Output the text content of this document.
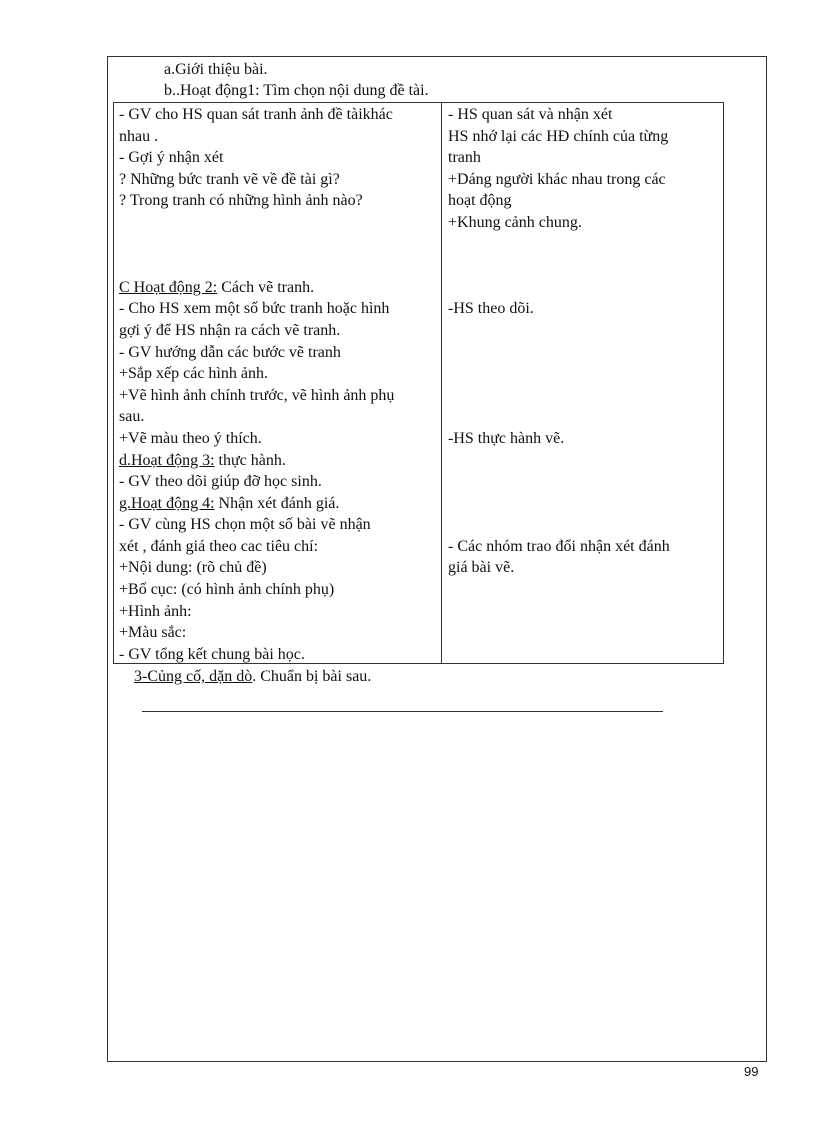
a.Giới thiệu bài.
b..Hoạt động1: Tìm chọn nội dung đề tài.
- GV cho HS quan sát tranh ảnh đề tàikhác
nhau .
- Gợi ý nhận xét
? Những bức tranh vẽ về đề tài gì?
? Trong tranh có những hình ảnh nào?
C Hoạt động 2: Cách vẽ tranh.
- Cho HS xem một số bức tranh hoặc hình
gợi ý để HS nhận ra cách vẽ tranh.
- GV hướng dẫn các bước vẽ tranh
+Sắp xếp các hình ảnh.
+Vẽ hình ảnh chính trước, vẽ hình ảnh phụ
sau.
+Vẽ màu theo ý thích.
d.Hoạt động 3: thực hành.
- GV theo dõi giúp đỡ học sinh.
g.Hoạt động 4: Nhận xét đánh giá.
- GV cùng HS chọn một số bài vẽ nhận
xét , đánh giá theo cac tiêu chí:
+Nội dung: (rõ chủ đề)
+Bố cục: (có hình ảnh chính phụ)
+Hình ảnh:
+Màu sắc:
- GV tổng kết chung bài học.
- HS quan sát và nhận xét
HS nhớ lại các HĐ chính của từng
tranh
+Dáng người khác nhau trong các
hoạt động
+Khung cảnh chung.
-HS theo dõi.
-HS thực hành vẽ.
- Các nhóm trao đổi nhận xét đánh
giá bài vẽ.
3-Củng cố, dặn dò. Chuẩn bị bài sau.
99
